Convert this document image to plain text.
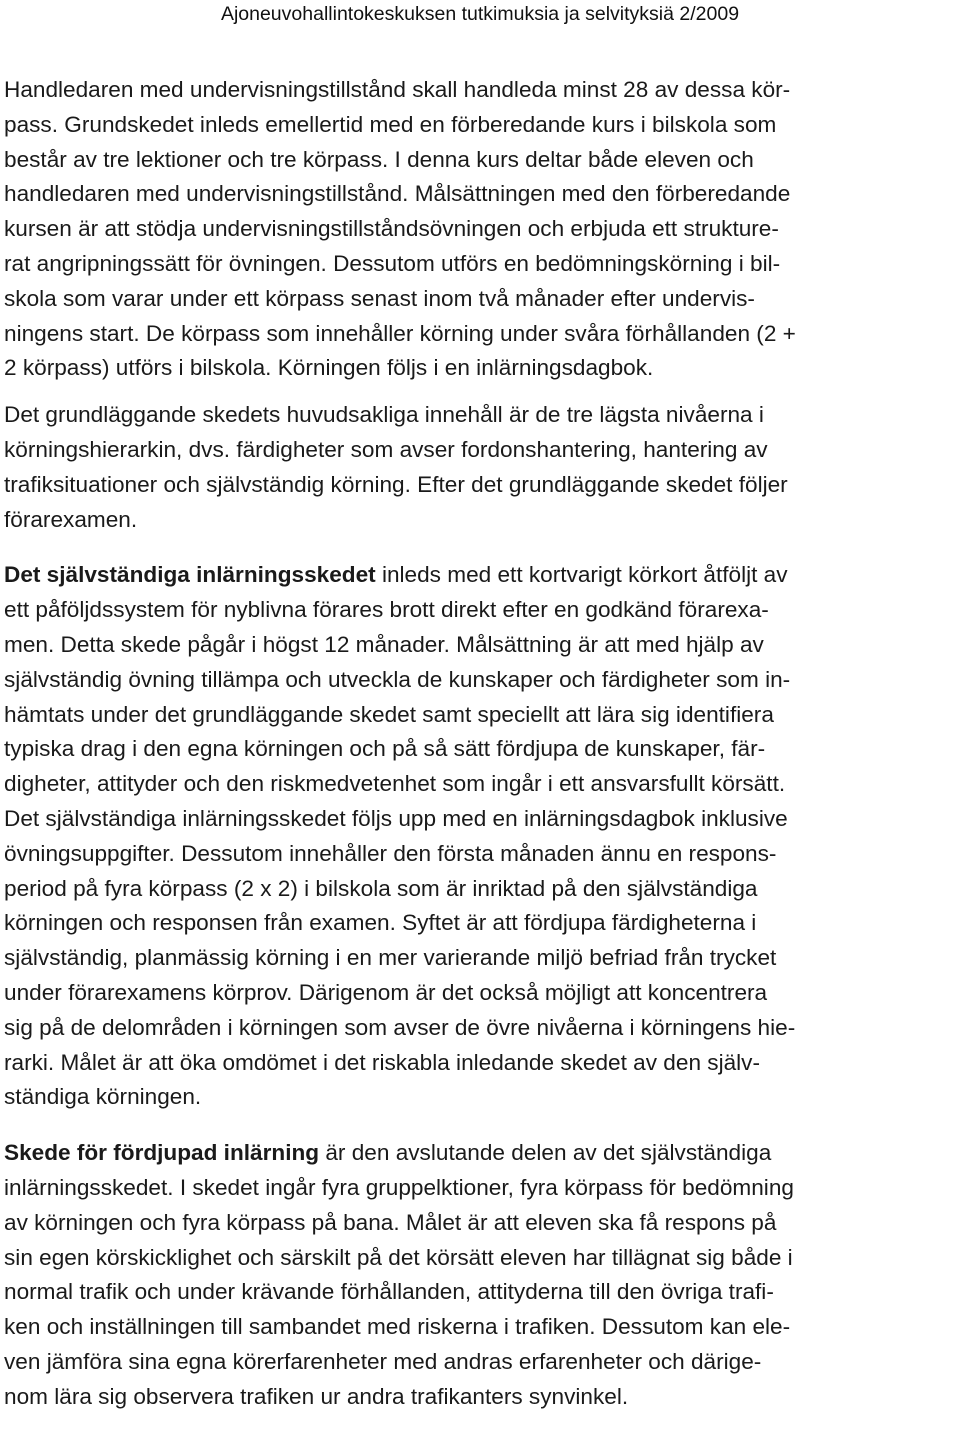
Ajoneuvohallintokeskuksen tutkimuksia ja selvityksiä 2/2009

Handledaren med undervisningstillstånd skall handleda minst 28 av dessa kör-
pass. Grundskedet inleds emellertid med en förberedande kurs i bilskola som
består av tre lektioner och tre körpass. I denna kurs deltar både eleven och
handledaren med undervisningstillstånd. Målsättningen med den förberedande
kursen är att stödja undervisningstillståndsövningen och erbjuda ett strukture-
rat angripningssätt för övningen. Dessutom utförs en bedömningskörning i bil-
skola som varar under ett körpass senast inom två månader efter undervis-
ningens start. De körpass som innehåller körning under svåra förhållanden (2 +
2 körpass) utförs i bilskola. Körningen följs i en inlärningsdagbok.

Det grundläggande skedets huvudsakliga innehåll är de tre lägsta nivåerna i
körningshierarkin, dvs. färdigheter som avser fordonshantering, hantering av
trafiksituationer och självständig körning. Efter det grundläggande skedet följer
förarexamen.

Det självständiga inlärningsskedet inleds med ett kortvarigt körkort åtföljt av
ett påföljdssystem för nyblivna förares brott direkt efter en godkänd förarexa-
men. Detta skede pågår i högst 12 månader. Målsättning är att med hjälp av
självständig övning tillämpa och utveckla de kunskaper och färdigheter som in-
hämtats under det grundläggande skedet samt speciellt att lära sig identifiera
typiska drag i den egna körningen och på så sätt fördjupa de kunskaper, fär-
digheter, attityder och den riskmedvetenhet som ingår i ett ansvarsfullt körsätt.
Det självständiga inlärningsskedet följs upp med en inlärningsdagbok inklusive
övningsuppgifter. Dessutom innehåller den första månaden ännu en respons-
period på fyra körpass (2 x 2) i bilskola som är inriktad på den självständiga
körningen och responsen från examen. Syftet är att fördjupa färdigheterna i
självständig, planmässig körning i en mer varierande miljö befriad från trycket
under förarexamens körprov. Därigenom är det också möjligt att koncentrera
sig på de delområden i körningen som avser de övre nivåerna i körningens hie-
rarki. Målet är att öka omdömet i det riskabla inledande skedet av den själv-
ständiga körningen.

Skede för fördjupad inlärning är den avslutande delen av det självständiga
inlärningsskedet. I skedet ingår fyra gruppelktioner, fyra körpass för bedömning
av körningen och fyra körpass på bana. Målet är att eleven ska få respons på
sin egen körskicklighet och särskilt på det körsätt eleven har tillägnat sig både i
normal trafik och under krävande förhållanden, attityderna till den övriga trafi-
ken och inställningen till sambandet med riskerna i trafiken. Dessutom kan ele-
ven jämföra sina egna körerfarenheter med andras erfarenheter och därige-
nom lära sig observera trafiken ur andra trafikanters synvinkel.
